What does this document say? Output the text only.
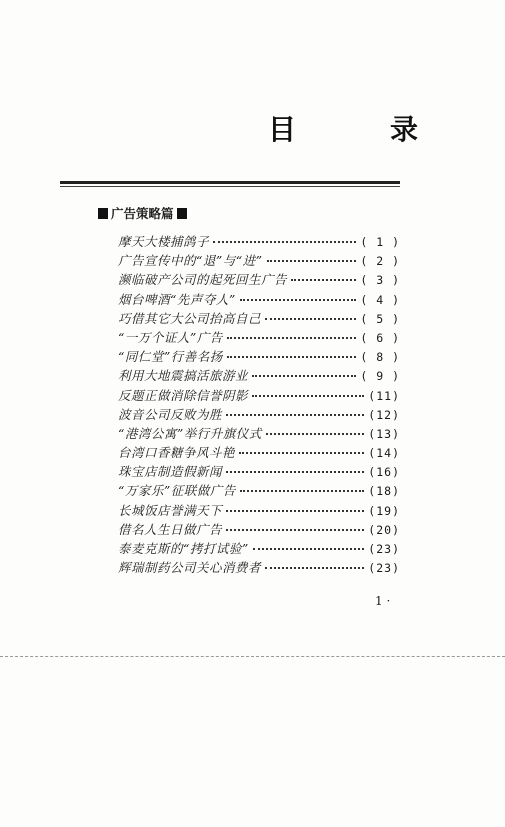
目	录
广告策略篇
摩天大楼捕鸽子	( 1 )
广告宣传中的“退”与“进”	( 2 )
濒临破产公司的起死回生广告	( 3 )
烟台啤酒“先声夺人”	( 4 )
巧借其它大公司抬高自己	( 5 )
“一万个证人”广告	( 6 )
“同仁堂”行善名扬	( 8 )
利用大地震搞活旅游业	( 9 )
反题正做消除信誉阴影	(11)
波音公司反败为胜	(12)
“港湾公寓”举行升旗仪式	(13)
台湾口香糖争风斗艳	(14)
珠宝店制造假新闻	(16)
“万家乐”征联做广告	(18)
长城饭店誉满天下	(19)
借名人生日做广告	(20)
泰麦克斯的“拷打试验”	(23)
辉瑞制药公司关心消费者	(23)
1 ·
